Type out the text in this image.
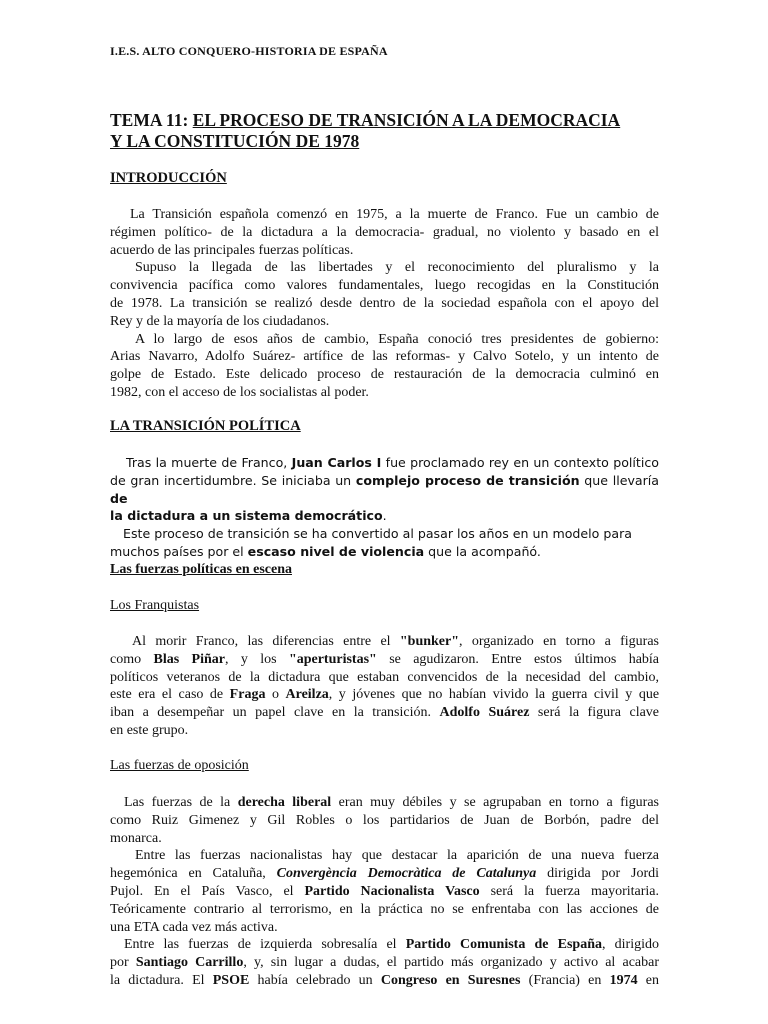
I.E.S. ALTO CONQUERO-HISTORIA DE ESPAÑA
TEMA 11: EL PROCESO DE TRANSICIÓN A LA DEMOCRACIA
Y LA CONSTITUCIÓN DE 1978
INTRODUCCIÓN
La Transición española comenzó en 1975, a la muerte de Franco. Fue un cambio de
régimen político- de la dictadura a la democracia- gradual, no violento y basado en el
acuerdo de las principales fuerzas políticas.
Supuso la llegada de las libertades y el reconocimiento del pluralismo y la
convivencia pacífica como valores fundamentales, luego recogidas en la Constitución
de 1978. La transición se realizó desde dentro de la sociedad española con el apoyo del
Rey y de la mayoría de los ciudadanos.
A lo largo de esos años de cambio, España conoció tres presidentes de gobierno:
Arias Navarro, Adolfo Suárez- artífice de las reformas- y Calvo Sotelo, y un intento de
golpe de Estado. Este delicado proceso de restauración de la democracia culminó en
1982, con el acceso de los socialistas al poder.
LA TRANSICIÓN POLÍTICA
Tras la muerte de Franco, Juan Carlos I fue proclamado rey en un contexto político
de gran incertidumbre. Se iniciaba un complejo proceso de transición que llevaría de
la dictadura a un sistema democrático.
Este proceso de transición se ha convertido al pasar los años en un modelo para
muchos países por el escaso nivel de violencia que la acompañó.
Las fuerzas políticas en escena
Los Franquistas
Al morir Franco, las diferencias entre el "bunker", organizado en torno a figuras
como Blas Piñar, y los "aperturistas" se agudizaron. Entre estos últimos había
políticos veteranos de la dictadura que estaban convencidos de la necesidad del cambio,
este era el caso de Fraga o Areilza, y jóvenes que no habían vivido la guerra civil y que
iban a desempeñar un papel clave en la transición. Adolfo Suárez será la figura clave
en este grupo.
Las fuerzas de oposición
Las fuerzas de la derecha liberal eran muy débiles y se agrupaban en torno a figuras
como Ruiz Gimenez y Gil Robles o los partidarios de Juan de Borbón, padre del
monarca.
Entre las fuerzas nacionalistas hay que destacar la aparición de una nueva fuerza
hegemónica en Cataluña, Convergència Democràtica de Catalunya dirigida por Jordi
Pujol. En el País Vasco, el Partido Nacionalista Vasco será la fuerza mayoritaria.
Teóricamente contrario al terrorismo, en la práctica no se enfrentaba con las acciones de
una ETA cada vez más activa.
Entre las fuerzas de izquierda sobresalía el Partido Comunista de España, dirigido
por Santiago Carrillo, y, sin lugar a dudas, el partido más organizado y activo al acabar
la dictadura. El PSOE había celebrado un Congreso en Suresnes (Francia) en 1974 en
